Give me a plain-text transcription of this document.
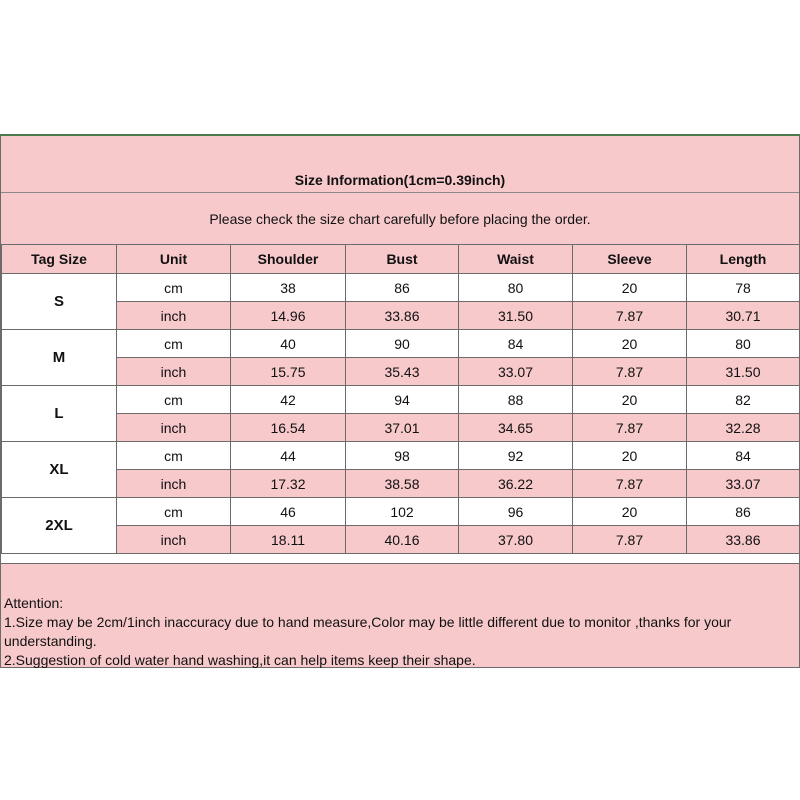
Size Information(1cm=0.39inch)
Please check the size chart carefully before placing the order.
Tag Size	Unit	Shoulder	Bust	Waist	Sleeve	Length
S	cm	38	86	80	20	78
	inch	14.96	33.86	31.50	7.87	30.71
M	cm	40	90	84	20	80
	inch	15.75	35.43	33.07	7.87	31.50
L	cm	42	94	88	20	82
	inch	16.54	37.01	34.65	7.87	32.28
XL	cm	44	98	92	20	84
	inch	17.32	38.58	36.22	7.87	33.07
2XL	cm	46	102	96	20	86
	inch	18.11	40.16	37.80	7.87	33.86
Attention:
1.Size may be 2cm/1inch inaccuracy due to hand measure,Color may be little different due to monitor ,thanks for your understanding.
2.Suggestion of cold water hand washing,it can help items keep their shape.
